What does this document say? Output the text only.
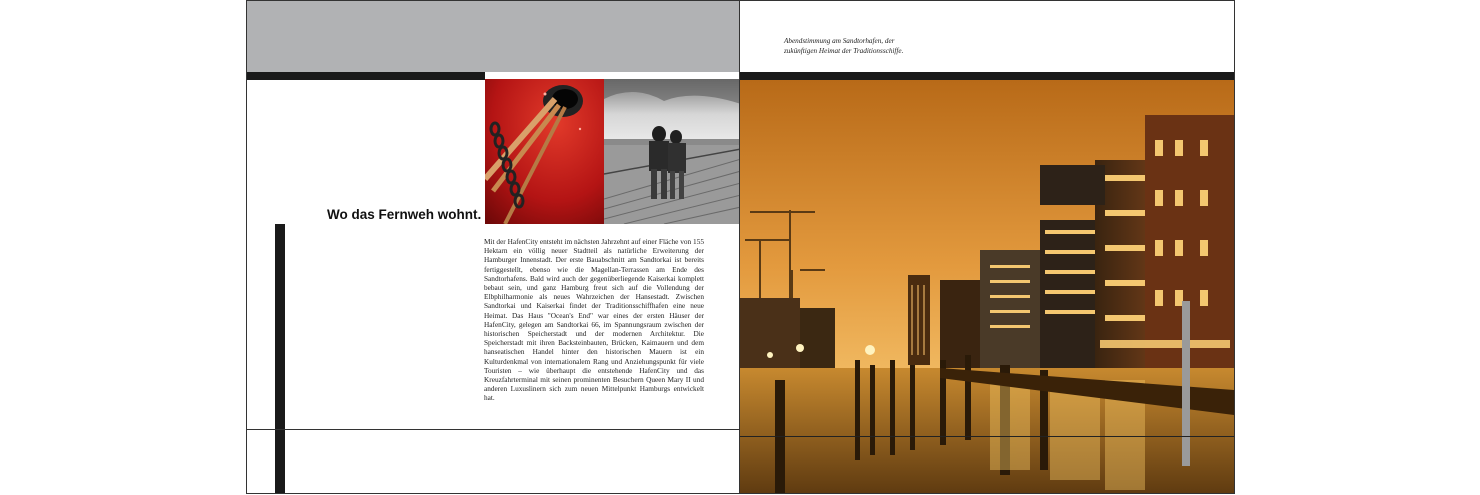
Wo das Fernweh wohnt.

Mit der HafenCity entsteht im nächsten Jahrzehnt auf einer Fläche von 155 Hektarn ein völlig neuer Stadtteil als natürliche Erweiterung der Hamburger Innenstadt. Der erste Bauabschnitt am Sandtorkai ist bereits fertiggestellt, ebenso wie die Magellan-Terrassen am Ende des Sandtorhafens. Bald wird auch der gegenüberliegende Kaiserkai komplett bebaut sein, und ganz Hamburg freut sich auf die Vollendung der Elbphilharmonie als neues Wahrzeichen der Hansestadt. Zwischen Sandtorkai und Kaiserkai findet der Traditionsschiffhafen eine neue Heimat. Das Haus "Ocean's End" war eines der ersten Häuser der HafenCity, gelegen am Sandtorkai 66, im Spannungsraum zwischen der historischen Speicherstadt und der modernen Architektur. Die Speicherstadt mit ihren Backsteinbauten, Brücken, Kaimauern und dem hanseatischen Handel hinter den historischen Mauern ist ein Kulturdenkmal von internationalem Rang und Anziehungspunkt für viele Touristen – wie überhaupt die entstehende HafenCity und das Kreuzfahrterminal mit seinen prominenten Besuchern Queen Mary II und anderen Luxuslinern sich zum neuen Mittelpunkt Hamburgs entwickelt hat.

Abendstimmung am Sandtorhafen, der
zukünftigen Heimat der Traditionsschiffe.
